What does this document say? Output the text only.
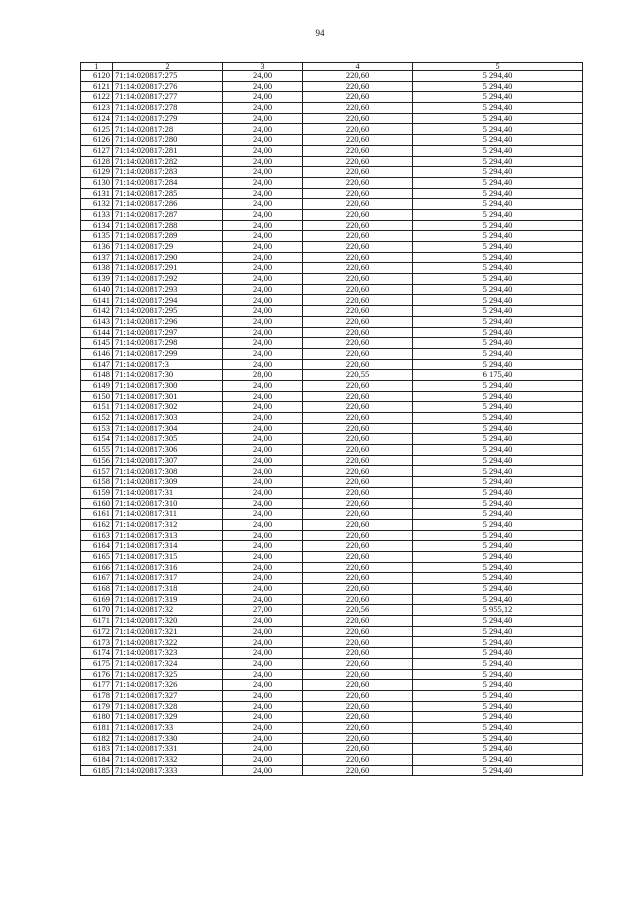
94
1	2	3	4	5
6120	71:14:020817:275	24,00	220,60	5 294,40
6121	71:14:020817:276	24,00	220,60	5 294,40
6122	71:14:020817:277	24,00	220,60	5 294,40
6123	71:14:020817:278	24,00	220,60	5 294,40
6124	71:14:020817:279	24,00	220,60	5 294,40
6125	71:14:020817:28	24,00	220,60	5 294,40
6126	71:14:020817:280	24,00	220,60	5 294,40
6127	71:14:020817:281	24,00	220,60	5 294,40
6128	71:14:020817:282	24,00	220,60	5 294,40
6129	71:14:020817:283	24,00	220,60	5 294,40
6130	71:14:020817:284	24,00	220,60	5 294,40
6131	71:14:020817:285	24,00	220,60	5 294,40
6132	71:14:020817:286	24,00	220,60	5 294,40
6133	71:14:020817:287	24,00	220,60	5 294,40
6134	71:14:020817:288	24,00	220,60	5 294,40
6135	71:14:020817:289	24,00	220,60	5 294,40
6136	71:14:020817:29	24,00	220,60	5 294,40
6137	71:14:020817:290	24,00	220,60	5 294,40
6138	71:14:020817:291	24,00	220,60	5 294,40
6139	71:14:020817:292	24,00	220,60	5 294,40
6140	71:14:020817:293	24,00	220,60	5 294,40
6141	71:14:020817:294	24,00	220,60	5 294,40
6142	71:14:020817:295	24,00	220,60	5 294,40
6143	71:14:020817:296	24,00	220,60	5 294,40
6144	71:14:020817:297	24,00	220,60	5 294,40
6145	71:14:020817:298	24,00	220,60	5 294,40
6146	71:14:020817:299	24,00	220,60	5 294,40
6147	71:14:020817:3	24,00	220,60	5 294,40
6148	71:14:020817:30	28,00	220,55	6 175,40
6149	71:14:020817:300	24,00	220,60	5 294,40
6150	71:14:020817:301	24,00	220,60	5 294,40
6151	71:14:020817:302	24,00	220,60	5 294,40
6152	71:14:020817:303	24,00	220,60	5 294,40
6153	71:14:020817:304	24,00	220,60	5 294,40
6154	71:14:020817:305	24,00	220,60	5 294,40
6155	71:14:020817:306	24,00	220,60	5 294,40
6156	71:14:020817:307	24,00	220,60	5 294,40
6157	71:14:020817:308	24,00	220,60	5 294,40
6158	71:14:020817:309	24,00	220,60	5 294,40
6159	71:14:020817:31	24,00	220,60	5 294,40
6160	71:14:020817:310	24,00	220,60	5 294,40
6161	71:14:020817:311	24,00	220,60	5 294,40
6162	71:14:020817:312	24,00	220,60	5 294,40
6163	71:14:020817:313	24,00	220,60	5 294,40
6164	71:14:020817:314	24,00	220,60	5 294,40
6165	71:14:020817:315	24,00	220,60	5 294,40
6166	71:14:020817:316	24,00	220,60	5 294,40
6167	71:14:020817:317	24,00	220,60	5 294,40
6168	71:14:020817:318	24,00	220,60	5 294,40
6169	71:14:020817:319	24,00	220,60	5 294,40
6170	71:14:020817:32	27,00	220,56	5 955,12
6171	71:14:020817:320	24,00	220,60	5 294,40
6172	71:14:020817:321	24,00	220,60	5 294,40
6173	71:14:020817:322	24,00	220,60	5 294,40
6174	71:14:020817:323	24,00	220,60	5 294,40
6175	71:14:020817:324	24,00	220,60	5 294,40
6176	71:14:020817:325	24,00	220,60	5 294,40
6177	71:14:020817:326	24,00	220,60	5 294,40
6178	71:14:020817:327	24,00	220,60	5 294,40
6179	71:14:020817:328	24,00	220,60	5 294,40
6180	71:14:020817:329	24,00	220,60	5 294,40
6181	71:14:020817:33	24,00	220,60	5 294,40
6182	71:14:020817:330	24,00	220,60	5 294,40
6183	71:14:020817:331	24,00	220,60	5 294,40
6184	71:14:020817:332	24,00	220,60	5 294,40
6185	71:14:020817:333	24,00	220,60	5 294,40
